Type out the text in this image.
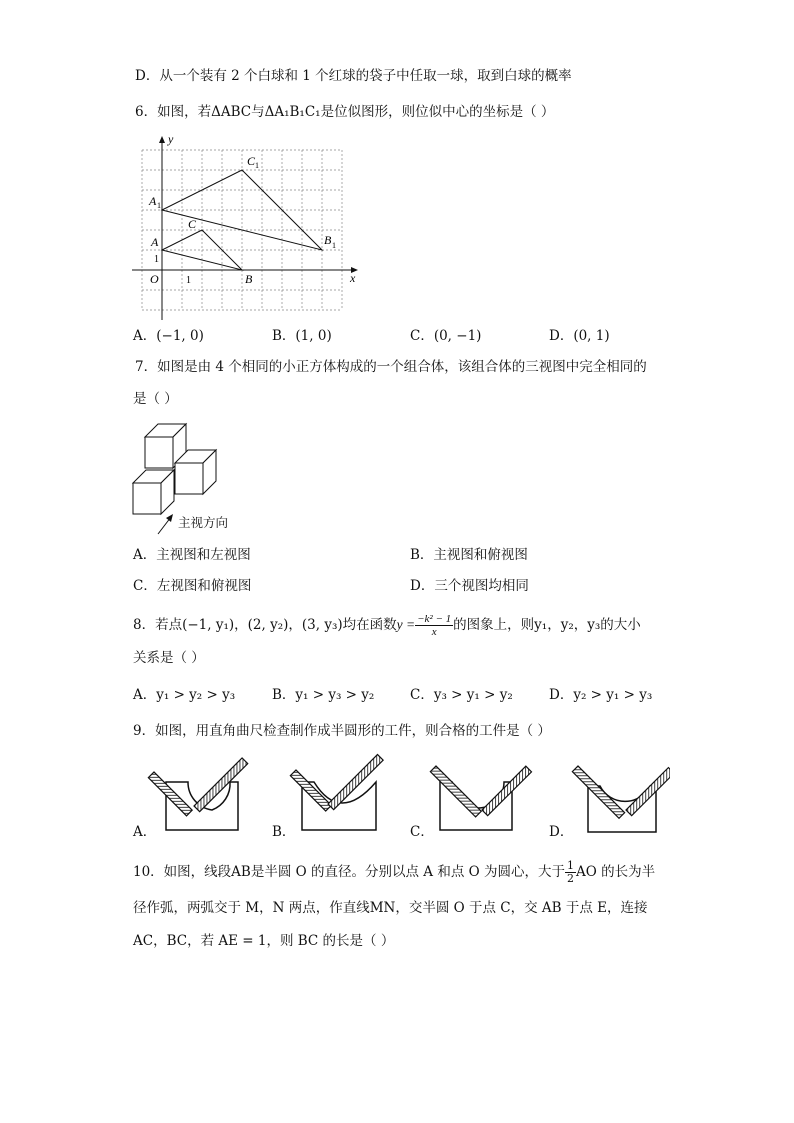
D．从一个装有 2 个白球和 1 个红球的袋子中任取一球，取到白球的概率
6．如图，若ΔABC与ΔA₁B₁C₁是位似图形，则位似中心的坐标是（ ）
y
x
O	1
1
A
B
C
A 1
B 1
C 1
A．(−1, 0)	B．(1, 0)	C．(0, −1)	D．(0, 1)
7．如图是由 4 个相同的小正方体构成的一个组合体，该组合体的三视图中完全相同的
是（ ）
主视方向
A．主视图和左视图	B．主视图和俯视图
C．左视图和俯视图	D．三个视图均相同
8．若点(−1, y₁)，(2, y₂)，(3, y₃)均在函数$y = \frac{\text{−k² − 1}}{x}$ 的图象上，则y₁，y₂，y₃的大小
关系是（ ）
A．y₁ > y₂ > y₃	B．y₁ > y₃ > y₂	C．y₃ > y₁ > y₂	D．y₂ > y₁ > y₃
9．如图，用直角曲尺检查制作成半圆形的工件，则合格的工件是（ ）
A．	B．	C．	D．
10．如图，线段AB是半圆 O 的直径。分别以点 A 和点 O 为圆心，大于 $\frac{1}{2}$ AO 的长为半
径作弧，两弧交于 M，N 两点，作直线MN，交半圆 O 于点 C，交 AB 于点 E，连接
AC，BC，若 AE = 1，则 BC 的长是（ ）
